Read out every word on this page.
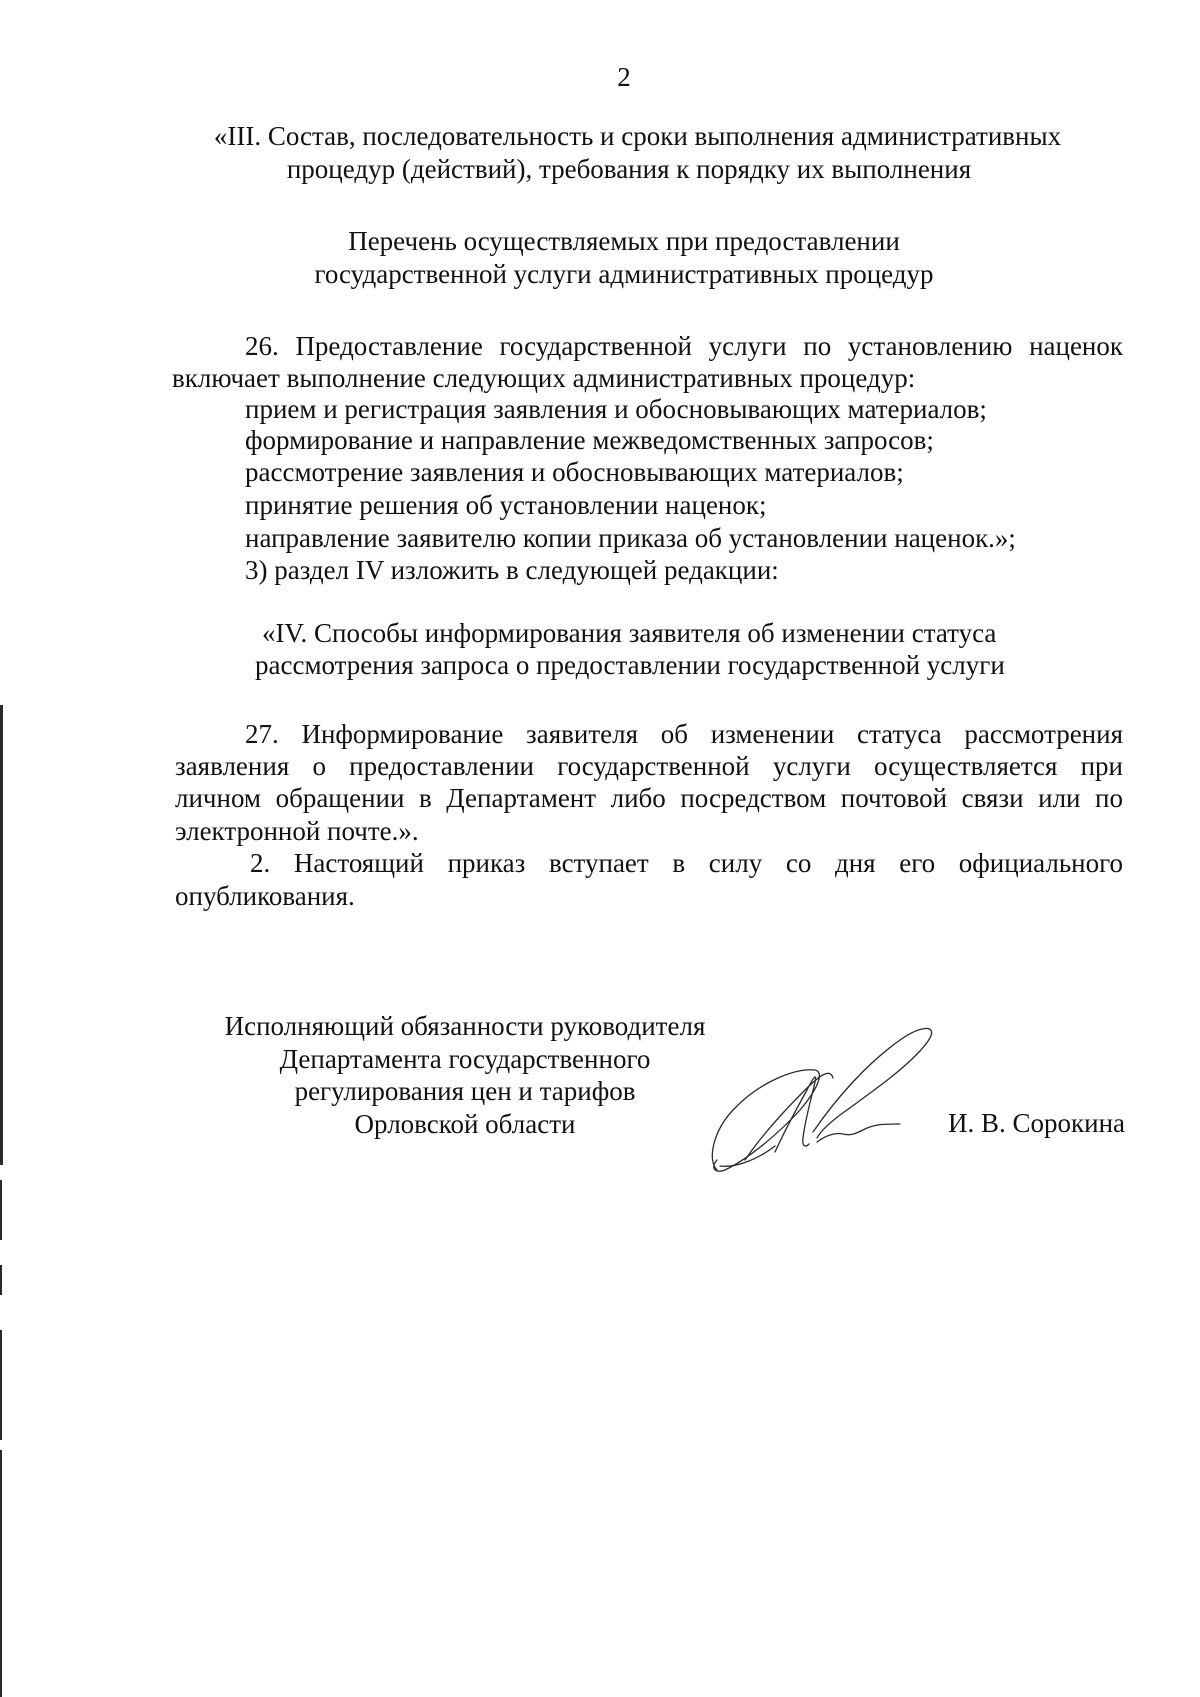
2
«III. Состав, последовательность и сроки выполнения административных
процедур (действий), требования к порядку их выполнения
Перечень осуществляемых при предоставлении
государственной услуги административных процедур
26. Предоставление государственной услуги по установлению наценок
включает выполнение следующих административных процедур:
прием и регистрация заявления и обосновывающих материалов;
формирование и направление межведомственных запросов;
рассмотрение заявления и обосновывающих материалов;
принятие решения об установлении наценок;
направление заявителю копии приказа об установлении наценок.»;
3) раздел IV изложить в следующей редакции:
«IV. Способы информирования заявителя об изменении статуса
рассмотрения запроса о предоставлении государственной услуги
27. Информирование заявителя об изменении статуса рассмотрения
заявления о предоставлении государственной услуги осуществляется при
личном обращении в Департамент либо посредством почтовой связи или по
электронной почте.».
2. Настоящий приказ вступает в силу со дня его официального
опубликования.
Исполняющий обязанности руководителя
Департамента государственного
регулирования цен и тарифов
Орловской области	И. В. Сорокина
